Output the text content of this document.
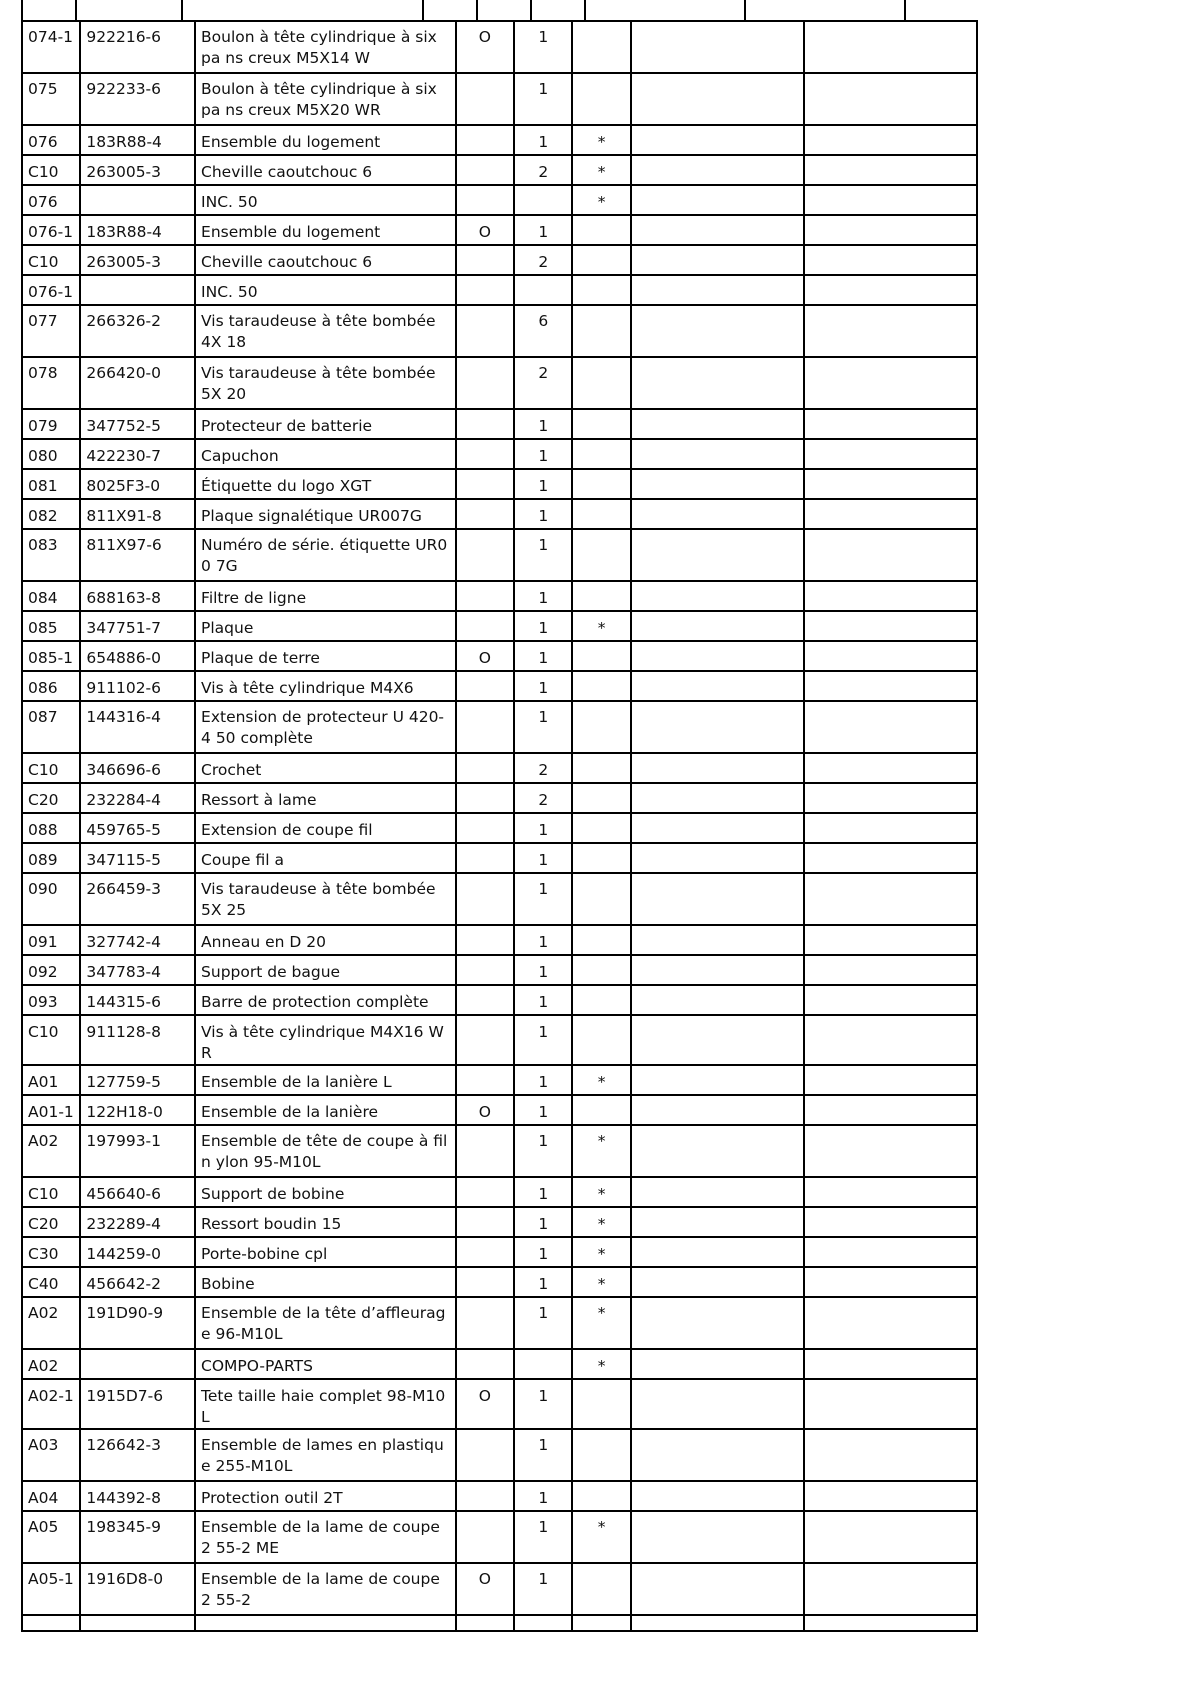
074-1	922216-6	Boulon à tête cylindrique à six pa ns creux M5X14 W	O	1			
075	922233-6	Boulon à tête cylindrique à six pa ns creux M5X20 WR		1			
076	183R88-4	Ensemble du logement		1	*		
C10	263005-3	Cheville caoutchouc 6		2	*		
076		INC. 50			*		
076-1	183R88-4	Ensemble du logement	O	1			
C10	263005-3	Cheville caoutchouc 6		2			
076-1		INC. 50					
077	266326-2	Vis taraudeuse à tête bombée 4X 18		6			
078	266420-0	Vis taraudeuse à tête bombée 5X 20		2			
079	347752-5	Protecteur de batterie		1			
080	422230-7	Capuchon		1			
081	8025F3-0	Étiquette du logo XGT		1			
082	811X91-8	Plaque signalétique UR007G		1			
083	811X97-6	Numéro de série. étiquette UR00 7G		1			
084	688163-8	Filtre de ligne		1			
085	347751-7	Plaque		1	*		
085-1	654886-0	Plaque de terre	O	1			
086	911102-6	Vis à tête cylindrique M4X6		1			
087	144316-4	Extension de protecteur U 420-4 50 complète		1			
C10	346696-6	Crochet		2			
C20	232284-4	Ressort à lame		2			
088	459765-5	Extension de coupe fil		1			
089	347115-5	Coupe fil a		1			
090	266459-3	Vis taraudeuse à tête bombée 5X 25		1			
091	327742-4	Anneau en D 20		1			
092	347783-4	Support de bague		1			
093	144315-6	Barre de protection complète		1			
C10	911128-8	Vis à tête cylindrique M4X16 WR		1			
A01	127759-5	Ensemble de la lanière L		1	*		
A01-1	122H18-0	Ensemble de la lanière	O	1			
A02	197993-1	Ensemble de tête de coupe à fil n ylon 95-M10L		1	*		
C10	456640-6	Support de bobine		1	*		
C20	232289-4	Ressort boudin 15		1	*		
C30	144259-0	Porte-bobine cpl		1	*		
C40	456642-2	Bobine		1	*		
A02	191D90-9	Ensemble de la tête d’affleurage 96-M10L		1	*		
A02		COMPO-PARTS			*		
A02-1	1915D7-6	Tete taille haie complet 98-M10L	O	1			
A03	126642-3	Ensemble de lames en plastique 255-M10L		1			
A04	144392-8	Protection outil 2T		1			
A05	198345-9	Ensemble de la lame de coupe 2 55-2 ME		1	*		
A05-1	1916D8-0	Ensemble de la lame de coupe 2 55-2	O	1			
